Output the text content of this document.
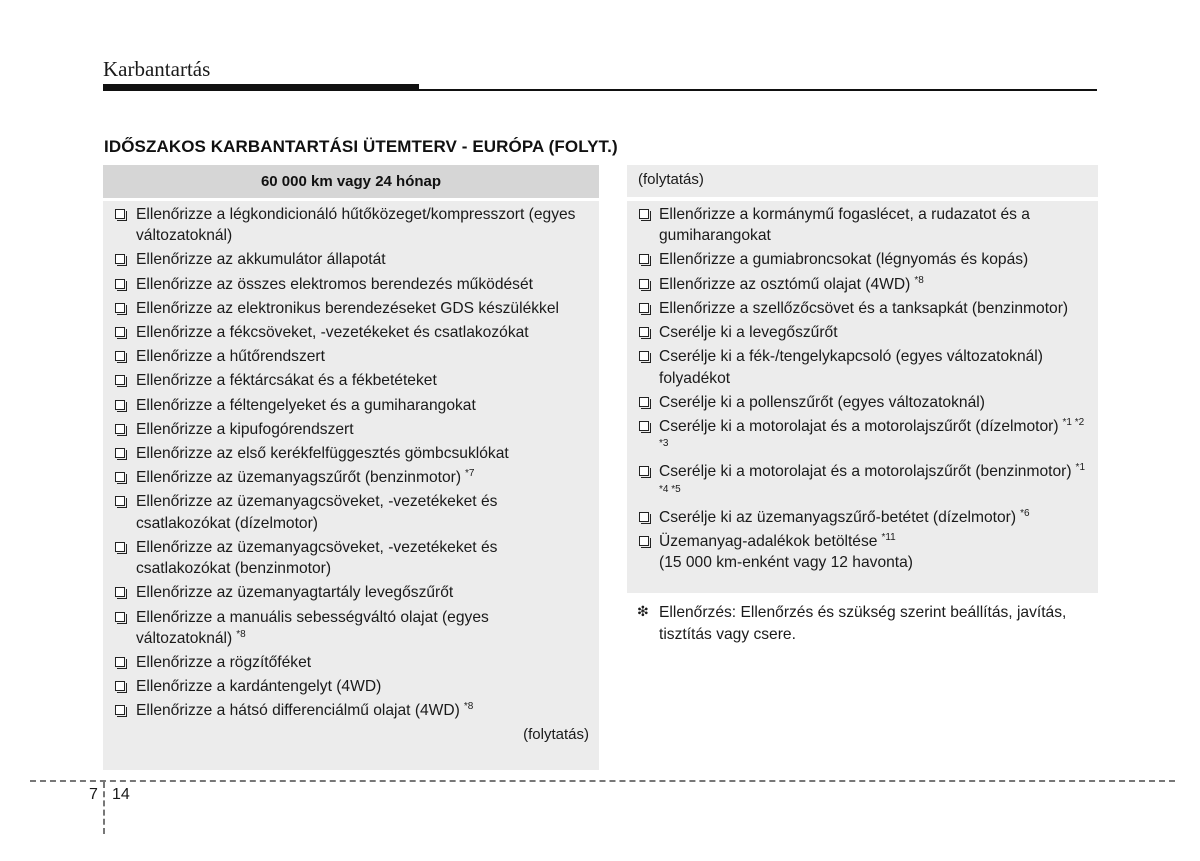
Karbantartás
IDŐSZAKOS KARBANTARTÁSI ÜTEMTERV - EURÓPA (FOLYT.)
60 000 km vagy 24 hónap
Ellenőrizze a légkondicionáló hűtőközeget/kompresszort (egyes változatoknál)
Ellenőrizze az akkumulátor állapotát
Ellenőrizze az összes elektromos berendezés működését
Ellenőrizze az elektronikus berendezéseket GDS készülékkel
Ellenőrizze a fékcsöveket, -vezetékeket és csatlakozókat
Ellenőrizze a hűtőrendszert
Ellenőrizze a féktárcsákat és a fékbetéteket
Ellenőrizze a féltengelyeket és a gumiharangokat
Ellenőrizze a kipufogórendszert
Ellenőrizze az első kerékfelfüggesztés gömbcsuklókat
Ellenőrizze az üzemanyagszűrőt (benzinmotor) $^{*7}$
Ellenőrizze az üzemanyagcsöveket, -vezetékeket és csatlakozókat (dízelmotor)
Ellenőrizze az üzemanyagcsöveket, -vezetékeket és csatlakozókat (benzinmotor)
Ellenőrizze az üzemanyagtartály levegőszűrőt
Ellenőrizze a manuális sebességváltó olajat (egyes változatoknál) $^{*8}$
Ellenőrizze a rögzítőféket
Ellenőrizze a kardántengelyt (4WD)
Ellenőrizze a hátsó differenciálmű olajat (4WD) $^{*8}$
(folytatás)
(folytatás)
Ellenőrizze a kormánymű fogaslécet, a rudazatot és a gumiharangokat
Ellenőrizze a gumiabroncsokat (légnyomás és kopás)
Ellenőrizze az osztómű olajat (4WD) $^{*8}$
Ellenőrizze a szellőzőcsövet és a tanksapkát (benzinmotor)
Cserélje ki a levegőszűrőt
Cserélje ki a fék-/tengelykapcsoló (egyes változatoknál) folyadékot
Cserélje ki a pollenszűrőt (egyes változatoknál)
Cserélje ki a motorolajat és a motorolajszűrőt (dízelmotor) $^{*1 *2 *3}$
Cserélje ki a motorolajat és a motorolajszűrőt (benzinmotor) $^{*1 *4 *5}$
Cserélje ki az üzemanyagszűrő-betétet (dízelmotor) $^{*6}$
Üzemanyag-adalékok betöltése $^{*11}$
(15 000 km-enként vagy 12 havonta)
❇ Ellenőrzés: Ellenőrzés és szükség szerint beállítás, javítás, tisztítás vagy csere.
7 14
